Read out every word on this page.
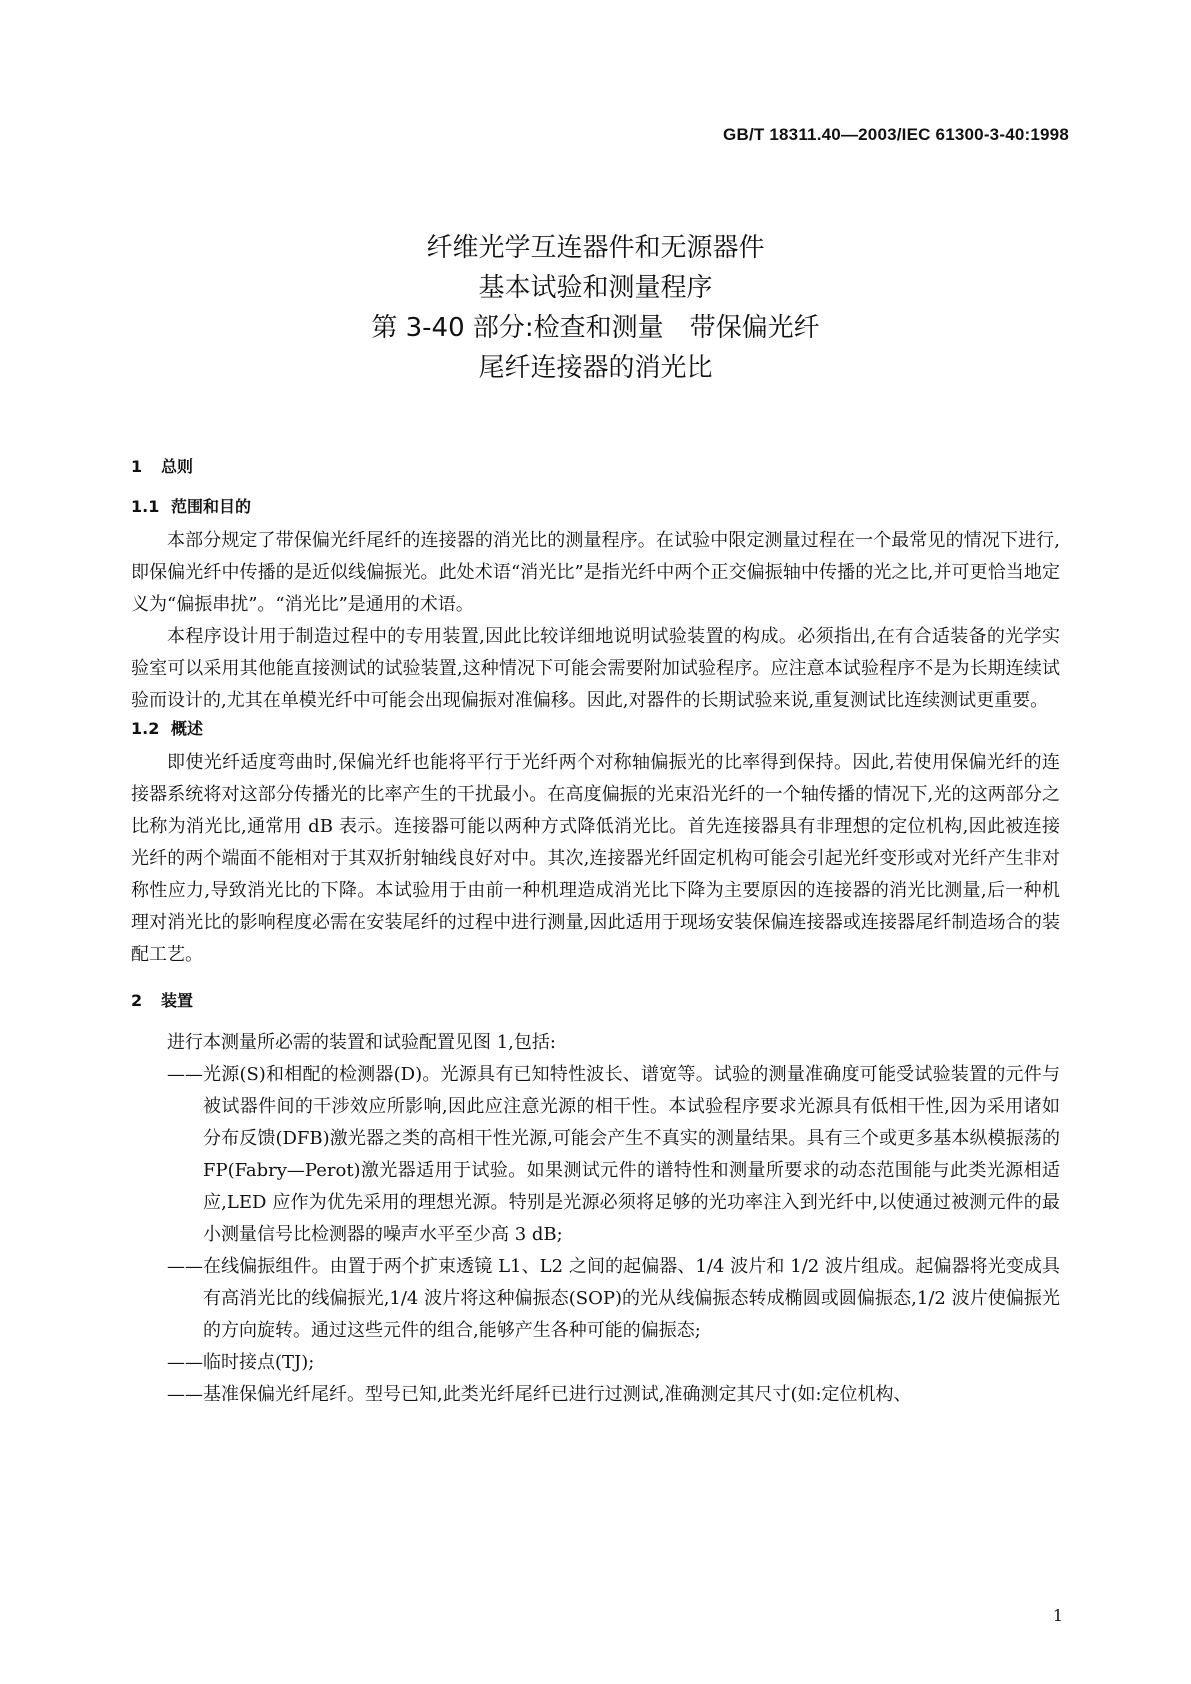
GB/T 18311.40—2003/IEC 61300-3-40:1998
纤维光学互连器件和无源器件
基本试验和测量程序
第 3-40 部分:检查和测量　带保偏光纤
尾纤连接器的消光比
1 总则
1.1 范围和目的

本部分规定了带保偏光纤尾纤的连接器的消光比的测量程序。在试验中限定测量过程在一个最常见的情况下进行,即保偏光纤中传播的是近似线偏振光。此处术语“消光比”是指光纤中两个正交偏振轴中传播的光之比,并可更恰当地定义为“偏振串扰”。“消光比”是通用的术语。

本程序设计用于制造过程中的专用装置,因此比较详细地说明试验装置的构成。必须指出,在有合适装备的光学实验室可以采用其他能直接测试的试验装置,这种情况下可能会需要附加试验程序。应注意本试验程序不是为长期连续试验而设计的,尤其在单模光纤中可能会出现偏振对准偏移。因此,对器件的长期试验来说,重复测试比连续测试更重要。

1.2 概述

即使光纤适度弯曲时,保偏光纤也能将平行于光纤两个对称轴偏振光的比率得到保持。因此,若使用保偏光纤的连接器系统将对这部分传播光的比率产生的干扰最小。在高度偏振的光束沿光纤的一个轴传播的情况下,光的这两部分之比称为消光比,通常用 dB 表示。连接器可能以两种方式降低消光比。首先连接器具有非理想的定位机构,因此被连接光纤的两个端面不能相对于其双折射轴线良好对中。其次,连接器光纤固定机构可能会引起光纤变形或对光纤产生非对称性应力,导致消光比的下降。本试验用于由前一种机理造成消光比下降为主要原因的连接器的消光比测量,后一种机理对消光比的影响程度必需在安装尾纤的过程中进行测量,因此适用于现场安装保偏连接器或连接器尾纤制造场合的装配工艺。

2 装置

进行本测量所必需的装置和试验配置见图 1,包括:

—— 光源(S)和相配的检测器(D)。光源具有已知特性波长、谱宽等。试验的测量准确度可能受试验装置的元件与被试器件间的干涉效应所影响,因此应注意光源的相干性。本试验程序要求光源具有低相干性,因为采用诸如分布反馈(DFB)激光器之类的高相干性光源,可能会产生不真实的测量结果。具有三个或更多基本纵模振荡的 FP(Fabry—Perot)激光器适用于试验。如果测试元件的谱特性和测量所要求的动态范围能与此类光源相适应,LED 应作为优先采用的理想光源。特别是光源必须将足够的光功率注入到光纤中,以使通过被测元件的最小测量信号比检测器的噪声水平至少高 3 dB;

—— 在线偏振组件。由置于两个扩束透镜 L1、L2 之间的起偏器、1/4 波片和 1/2 波片组成。起偏器将光变成具有高消光比的线偏振光,1/4 波片将这种偏振态(SOP)的光从线偏振态转成椭圆或圆偏振态,1/2 波片使偏振光的方向旋转。通过这些元件的组合,能够产生各种可能的偏振态;

—— 临时接点(TJ);

—— 基准保偏光纤尾纤。型号已知,此类光纤尾纤已进行过测试,准确测定其尺寸(如:定位机构、

1
